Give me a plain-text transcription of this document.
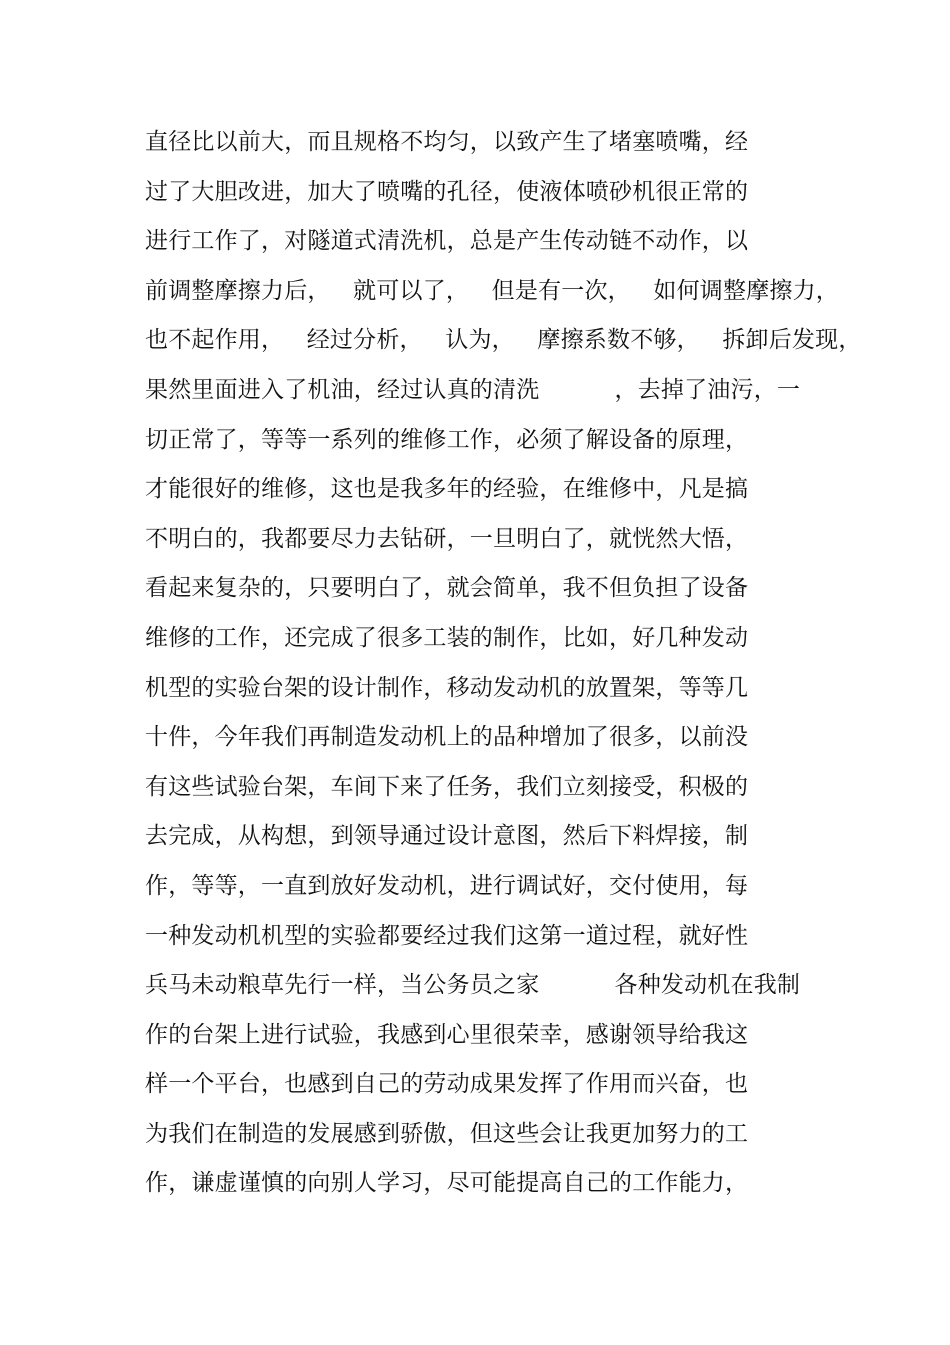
直径比以前大，而且规格不均匀，以致产生了堵塞喷嘴，经
过了大胆改进，加大了喷嘴的孔径，使液体喷砂机很正常的
进行工作了，对隧道式清洗机，总是产生传动链不动作，以
前调整摩擦力后，   就可以了，   但是有一次，   如何调整摩擦力，
也不起作用，   经过分析，   认为，   摩擦系数不够，   拆卸后发现，
果然里面进入了机油，经过认真的清洗          ，去掉了油污，一
切正常了，等等一系列的维修工作，必须了解设备的原理，
才能很好的维修，这也是我多年的经验，在维修中，凡是搞
不明白的，我都要尽力去钻研，一旦明白了，就恍然大悟，
看起来复杂的，只要明白了，就会简单，我不但负担了设备
维修的工作，还完成了很多工装的制作，比如，好几种发动
机型的实验台架的设计制作，移动发动机的放置架，等等几
十件，今年我们再制造发动机上的品种增加了很多，以前没
有这些试验台架，车间下来了任务，我们立刻接受，积极的
去完成，从构想，到领导通过设计意图，然后下料焊接，制
作，等等，一直到放好发动机，进行调试好，交付使用，每
一种发动机机型的实验都要经过我们这第一道过程，就好性
兵马未动粮草先行一样，当公务员之家          各种发动机在我制
作的台架上进行试验，我感到心里很荣幸，感谢领导给我这
样一个平台，也感到自己的劳动成果发挥了作用而兴奋，也
为我们在制造的发展感到骄傲，但这些会让我更加努力的工
作，谦虚谨慎的向别人学习，尽可能提高自己的工作能力，
